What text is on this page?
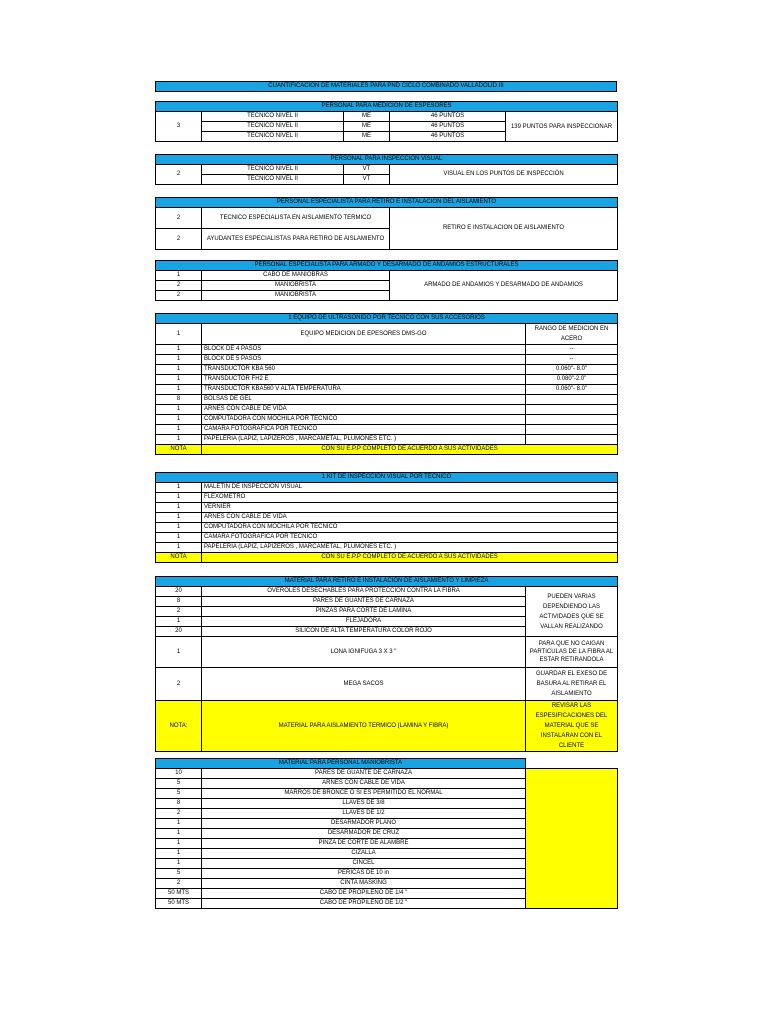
CUANTIFICACION DE MATERIALES PARA PND CICLO COMBINADO VALLADOLID III
PERSONAL PARA MEDICION DE ESPESORES				
3	TECNICO NIVEL II	ME	46 PUNTOS	139 PUNTOS PARA INSPECCIONAR
	TECNICO NIVEL II	ME	46 PUNTOS	
	TECNICO NIVEL II	ME	46 PUNTOS	
PERSONAL PARA INSPECCION VISUAL			
2	TECNICO NIVEL II	VT	VISUAL EN LOS PUNTOS DE INSPECCIÓN
	TECNICO NIVEL II	VT	
PERSONAL ESPECIALISTA PARA RETIRO E INSTALACION DEL AISLAMIENTO		
2	TECNICO ESPECIALISTA EN AISLAMIENTO TERMICO	RETIRO E INSTALACION DE AISLAMIENTO
2	AYUDANTES ESPECIALISTAS PARA RETIRO DE AISLAMIENTO	
PERSONAL ESPECIALISTA PARA ARMADO Y DESARMADO DE ANDAMIOS ESTRUCTURALES		
1	CABO DE MANIOBRAS	ARMADO DE ANDAMIOS Y DESARMADO DE ANDAMIOS
2	MANIOBRISTA	
2	MANIOBRISTA	
1 EQUIPO DE ULTRASONIDO POR TECNICO CON SUS ACCESORIOS		
1	EQUIPO MEDICION DE EPESORES DMS-GO	RANGO DE MEDICION EN ACERO
1	BLOCK DE 4 PASOS	--
1	BLOCK DE 5 PASOS	--
1	TRANSDUCTOR KBA 560	0.060"- 8.0"
1	TRANSDUCTOR FH2 E	0.080"-2.0"
1	TRANSDUCTOR KBA560 V ALTA TEMPERATURA	0.060"- 8.0"
8	BOLSAS DE GEL	
1	ARNES CON CABLE DE VIDA	
1	COMPUTADORA CON MOCHILA POR TECNICO	
1	CAMARA FOTOGRAFICA POR TECNICO	
1	PAPELERIA (LAPIZ, LAPIZEROS , MARCAMETAL, PLUMONES ETC. )	
NOTA	CON SU E.P.P COMPLETO DE ACUERDO A SUS ACTIVIDADES	
1 KIT DE INSPECCION VISUAL POR TECNICO	
1	MALETIN DE INSPECCION VISUAL
1	FLEXOMETRO
1	VERNIER
1	ARNES CON CABLE DE VIDA
1	COMPUTADORA CON MOCHILA POR TECNICO
1	CAMARA FOTOGRAFICA POR TECNICO
1	PAPELERIA (LAPIZ, LAPIZEROS , MARCAMETAL, PLUMONES ETC. )
NOTA	CON SU E.P.P COMPLETO DE ACUERDO A SUS ACTIVIDADES
MATERIAL PARA RETIRO E INSTALACIÓN DE AISLAMIENTO Y LIMPIEZA		
20	OVEROLES DESECHABLES PARA PROTECCION CONTRA LA FIBRA	PUEDEN VARIAS DEPENDIENDO LAS ACTIVIDADES QUE SE VALLAN REALIZANDO
8	PARES DE GUANTES DE CARNAZA	
2	PINZAS PARA CORTE DE LAMINA	
1	FLEJADORA	
20	SILICON DE ALTA TEMPERATURA COLOR ROJO	
1	LONA IGNIFUGA 3 X 3 "	PARA QUE NO CAIGAN PARTICULAS DE LA FIBRA AL ESTAR RETIRANDOLA
2	MEGA SACOS	GUARDAR EL EXESO DE BASURA AL RETIRAR EL AISLAMIENTO
NOTA:	MATERIAL PARA AISLAMIENTO TERMICO (LAMINA Y FIBRA)	REVISAR LAS ESPESIFICACIONES DEL MATERIAL QUE SE INSTALARAN CON EL CLIENTE
MATERIAL PARA PERSONAL MANIOBRISTA		
10	PARES DE GUANTE DE CARNAZA	
5	ARNES CON CABLE DE VIDA	
5	MARROS DE BRONCE O SI ES PERMITIDO EL NORMAL	
8	LLAVES DE 3/8	
2	LLAVES DE 1/2	
1	DESARMADOR PLANO	
1	DESARMADOR DE CRUZ	
1	PINZA DE CORTE DE ALAMBRE	
1	CIZALLA	
1	CINCEL	
5	PERICAS DE 10 in	
2	CINTA MASKING	
50 MTS	CABO DE PROPILENO DE 1/4 "	
50 MTS	CABO DE PROPILENO DE 1/2 "	
